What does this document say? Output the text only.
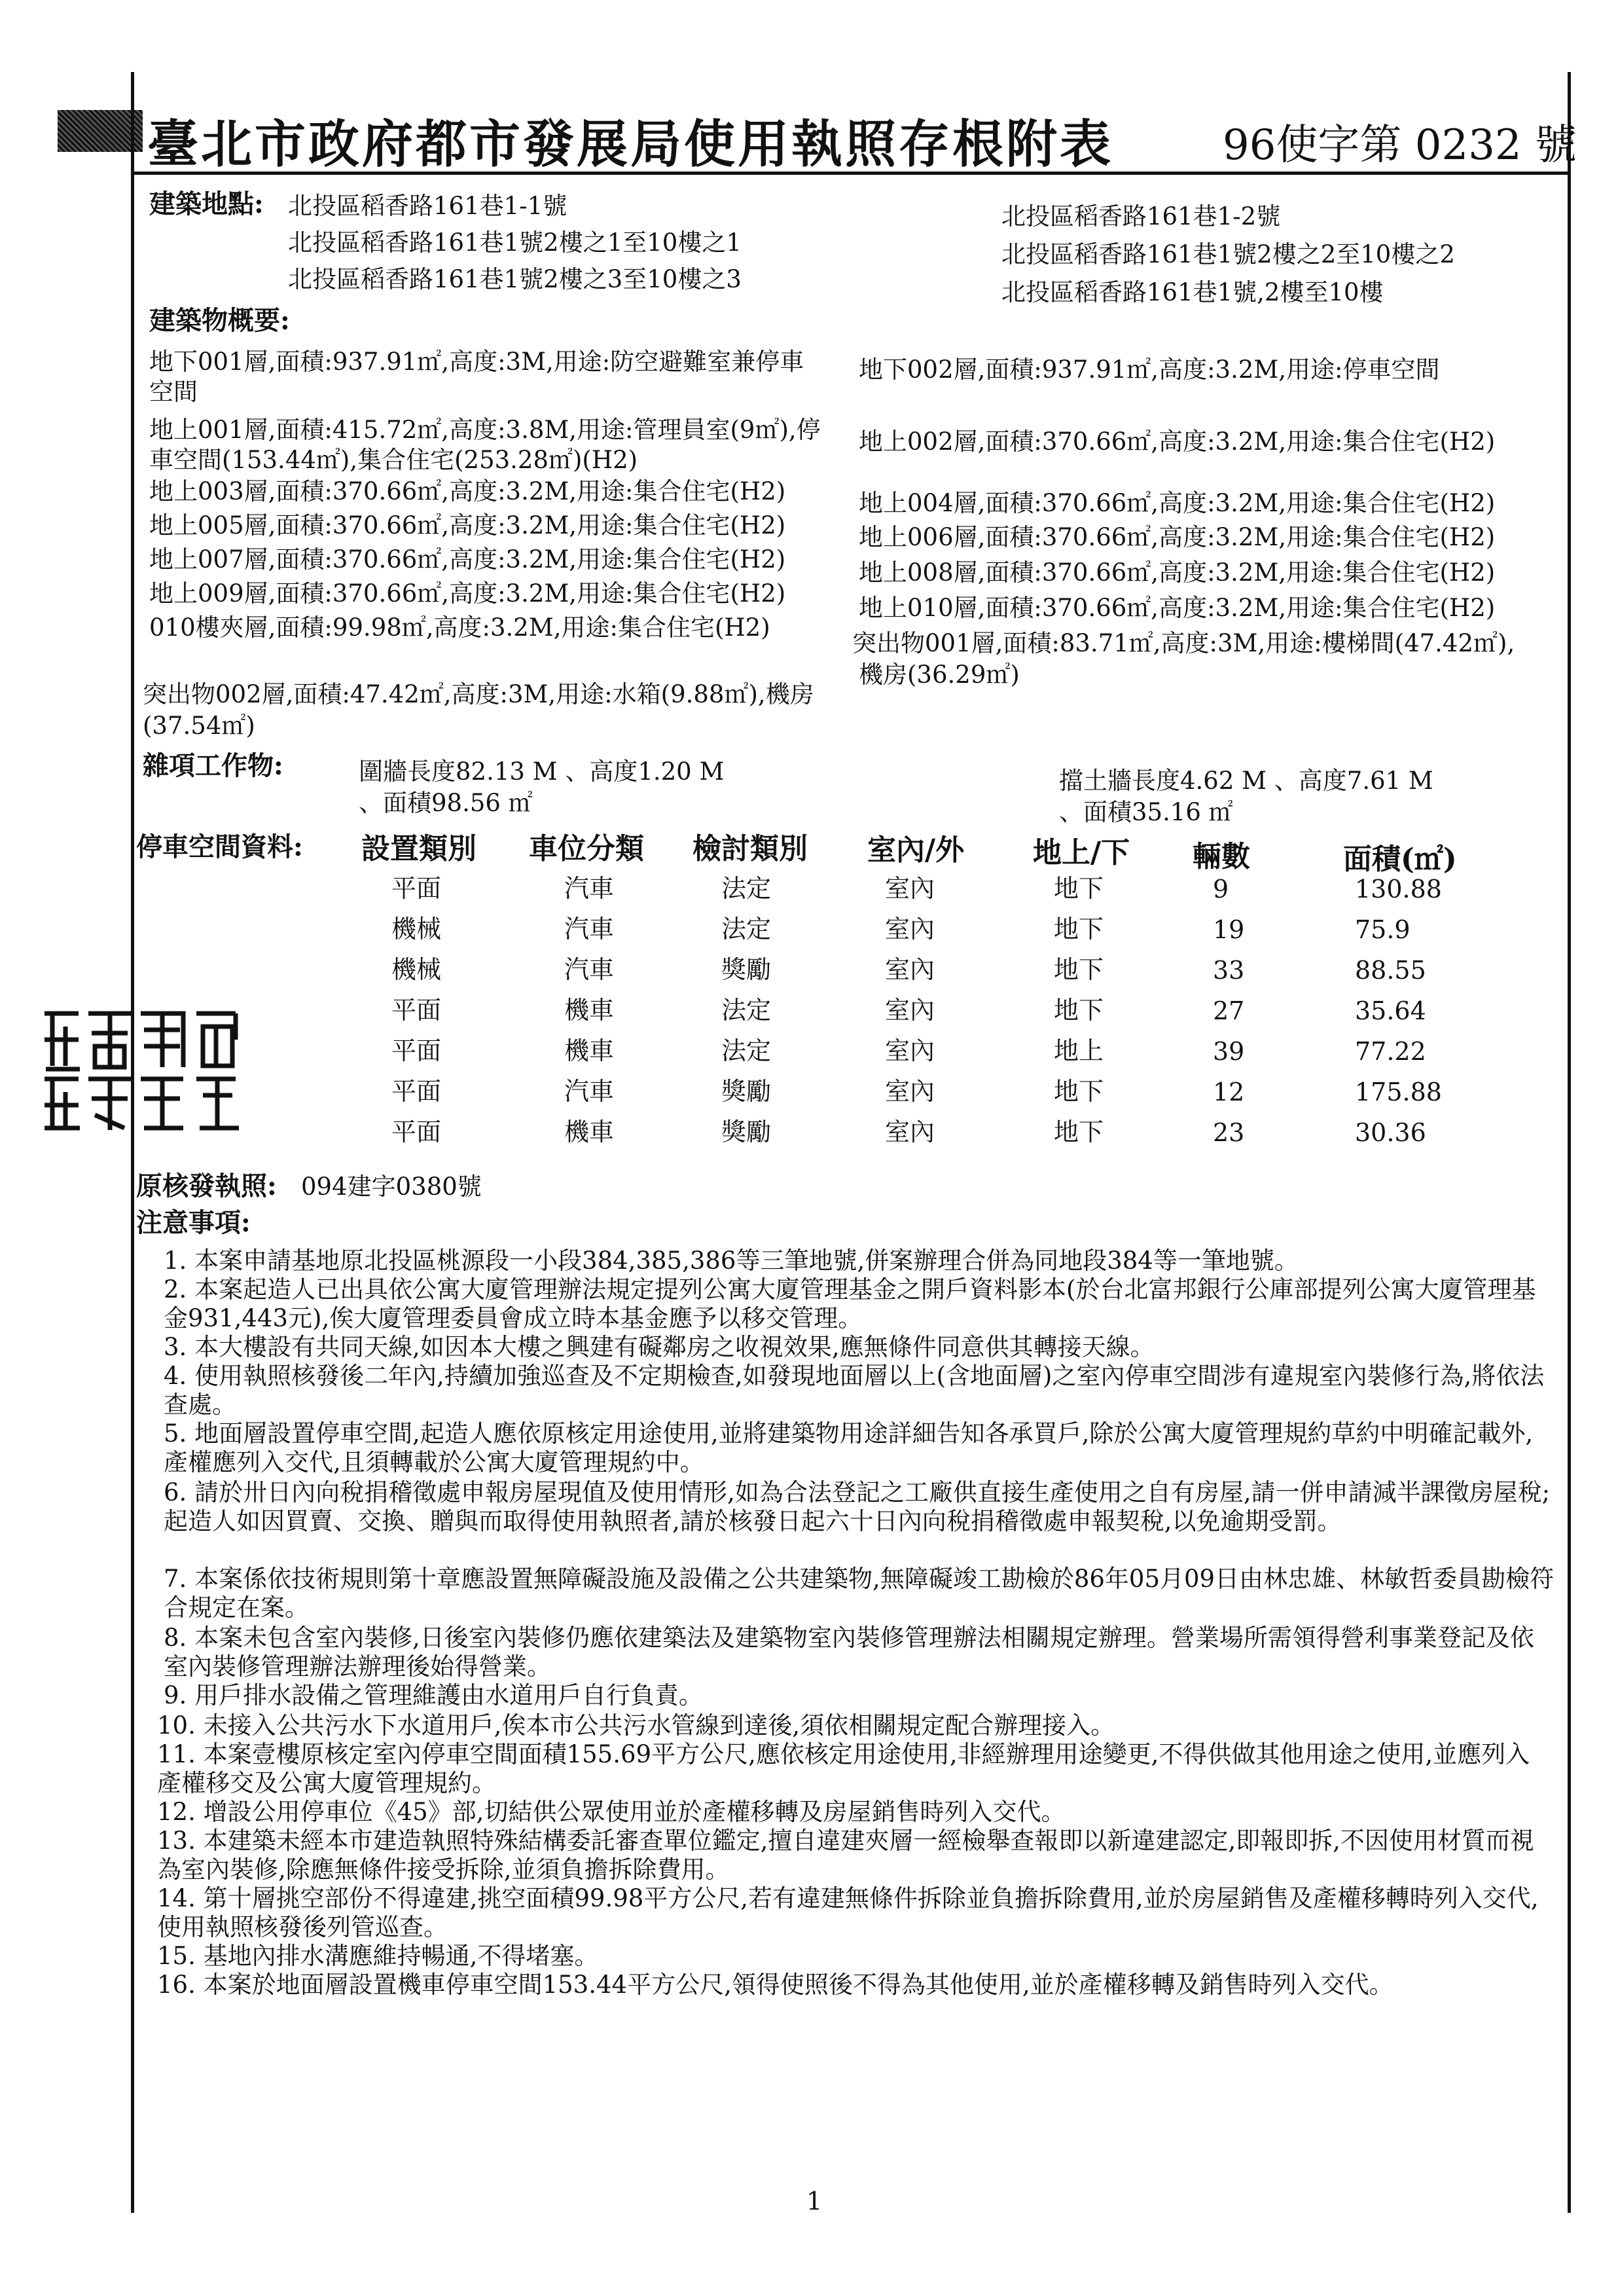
臺北市政府都市發展局使用執照存根附表	96使字第 0232 號
建築地點: 北投區稻香路161巷1-1號
北投區稻香路161巷1號2樓之1至10樓之1
北投區稻香路161巷1號2樓之3至10樓之3
北投區稻香路161巷1-2號
北投區稻香路161巷1號2樓之2至10樓之2
北投區稻香路161巷1號,2樓至10樓
建築物概要:
地下001層,面積:937.91㎡,高度:3M,用途:防空避難室兼停車
空間
地下002層,面積:937.91㎡,高度:3.2M,用途:停車空間
地上001層,面積:415.72㎡,高度:3.8M,用途:管理員室(9㎡),停
車空間(153.44㎡),集合住宅(253.28㎡)(H2)
地上002層,面積:370.66㎡,高度:3.2M,用途:集合住宅(H2)
地上003層,面積:370.66㎡,高度:3.2M,用途:集合住宅(H2)	地上004層,面積:370.66㎡,高度:3.2M,用途:集合住宅(H2)
地上005層,面積:370.66㎡,高度:3.2M,用途:集合住宅(H2)	地上006層,面積:370.66㎡,高度:3.2M,用途:集合住宅(H2)
地上007層,面積:370.66㎡,高度:3.2M,用途:集合住宅(H2)	地上008層,面積:370.66㎡,高度:3.2M,用途:集合住宅(H2)
地上009層,面積:370.66㎡,高度:3.2M,用途:集合住宅(H2)
地上010層,面積:370.66㎡,高度:3.2M,用途:集合住宅(H2)
010樓夾層,面積:99.98㎡,高度:3.2M,用途:集合住宅(H2)
突出物001層,面積:83.71㎡,高度:3M,用途:樓梯間(47.42㎡),
機房(36.29㎡)
突出物002層,面積:47.42㎡,高度:3M,用途:水箱(9.88㎡),機房
(37.54㎡)
雜項工作物:	圍牆長度82.13 M 、高度1.20 M
、面積98.56 ㎡
擋土牆長度4.62 M 、高度7.61 M
、面積35.16 ㎡
停車空間資料: 設置類別 車位分類 檢討類別 室內/外 地上/下 輛數	面積(㎡)
平面	汽車	法定	室內	地下	9	130.88
機械	汽車	法定	室內	地下	19	75.9
機械	汽車	獎勵	室內	地下	33	88.55
平面	機車	法定	室內	地下	27	35.64
平面	機車	法定	室內	地上	39	77.22
平面	汽車	獎勵	室內	地下	12	175.88
平面	機車	獎勵	室內	地下	23	30.36
原核發執照: 094建字0380號
注意事項:
1. 本案申請基地原北投區桃源段一小段384,385,386等三筆地號,併案辦理合併為同地段384等一筆地號。
2. 本案起造人已出具依公寓大廈管理辦法規定提列公寓大廈管理基金之開戶資料影本(於台北富邦銀行公庫部提列公寓大廈管理基金931,443元),俟大廈管理委員會成立時本基金應予以移交管理。
3. 本大樓設有共同天線,如因本大樓之興建有礙鄰房之收視效果,應無條件同意供其轉接天線。
4. 使用執照核發後二年內,持續加強巡查及不定期檢查,如發現地面層以上(含地面層)之室內停車空間涉有違規室內裝修行為,將依法查處。
5. 地面層設置停車空間,起造人應依原核定用途使用,並將建築物用途詳細告知各承買戶,除於公寓大廈管理規約草約中明確記載外,產權應列入交代,且須轉載於公寓大廈管理規約中。
6. 請於卅日內向稅捐稽徵處申報房屋現值及使用情形,如為合法登記之工廠供直接生產使用之自有房屋,請一併申請減半課徵房屋稅;起造人如因買賣、交換、贈與而取得使用執照者,請於核發日起六十日內向稅捐稽徵處申報契稅,以免逾期受罰。
7. 本案係依技術規則第十章應設置無障礙設施及設備之公共建築物,無障礙竣工勘檢於86年05月09日由林忠雄、林敏哲委員勘檢符合規定在案。
8. 本案未包含室內裝修,日後室內裝修仍應依建築法及建築物室內裝修管理辦法相關規定辦理。營業場所需領得營利事業登記及依室內裝修管理辦法辦理後始得營業。
9. 用戶排水設備之管理維護由水道用戶自行負責。
10. 未接入公共污水下水道用戶,俟本市公共污水管線到達後,須依相關規定配合辦理接入。
11. 本案壹樓原核定室內停車空間面積155.69平方公尺,應依核定用途使用,非經辦理用途變更,不得供做其他用途之使用,並應列入產權移交及公寓大廈管理規約。
12. 增設公用停車位《45》部,切結供公眾使用並於產權移轉及房屋銷售時列入交代。
13. 本建築未經本市建造執照特殊結構委託審查單位鑑定,擅自違建夾層一經檢舉查報即以新違建認定,即報即拆,不因使用材質而視為室內裝修,除應無條件接受拆除,並須負擔拆除費用。
14. 第十層挑空部份不得違建,挑空面積99.98平方公尺,若有違建無條件拆除並負擔拆除費用,並於房屋銷售及產權移轉時列入交代,使用執照核發後列管巡查。
15. 基地內排水溝應維持暢通,不得堵塞。
16. 本案於地面層設置機車停車空間153.44平方公尺,領得使照後不得為其他使用,並於產權移轉及銷售時列入交代。
1
